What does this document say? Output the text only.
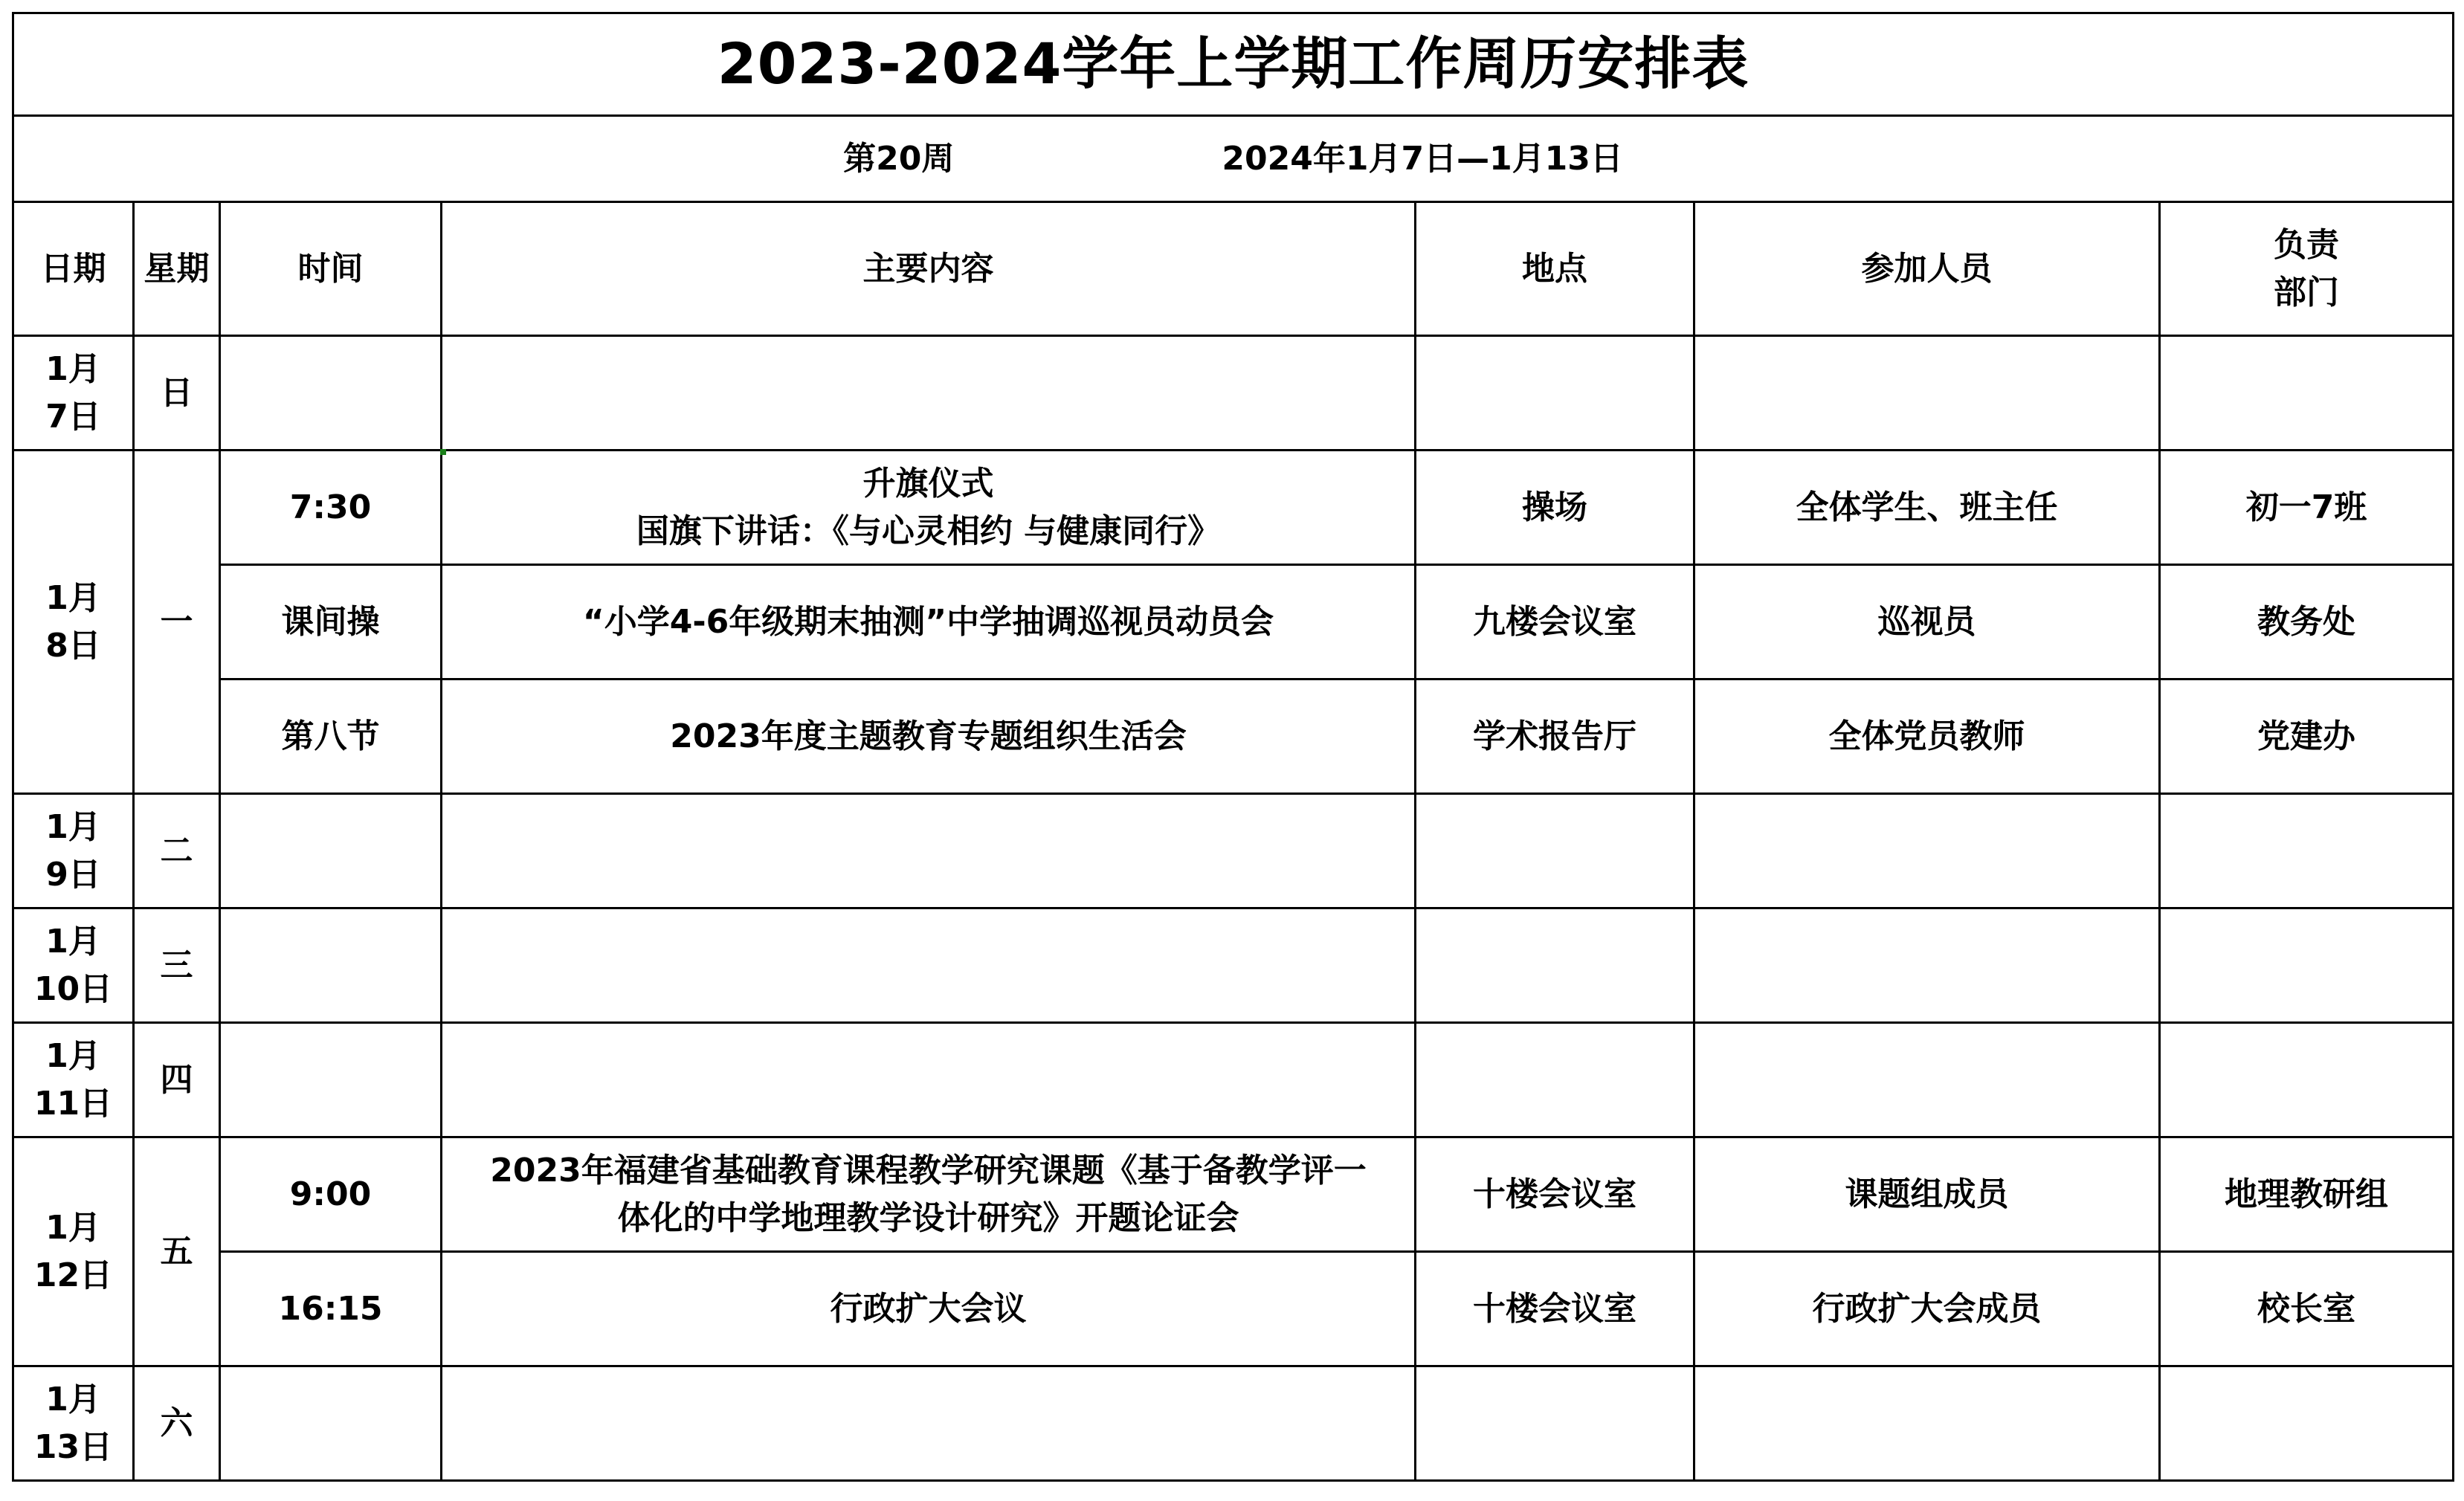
2023-2024学年上学期工作周历安排表						
第20周 2024年1月7日—1月13日						
日期	星期	时间	主要内容	地点	参加人员	负责
部门

1月
7日	日					

1月
8日	一	7:30	升旗仪式
国旗下讲话：《与心灵相约 与健康同行》	操场	全体学生、班主任	初一7班
		课间操	“小学4-6年级期末抽测”中学抽调巡视员动员会	九楼会议室	巡视员	教务处
		第八节	2023年度主题教育专题组织生活会	学术报告厅	全体党员教师	党建办

1月
9日	二					

1月
10日	三					

1月
11日	四					

1月
12日	五	9:00	2023年福建省基础教育课程教学研究课题《基于备教学评一
体化的中学地理教学设计研究》开题论证会	十楼会议室	课题组成员	地理教研组
		16:15	行政扩大会议	十楼会议室	行政扩大会成员	校长室

1月
13日	六					
